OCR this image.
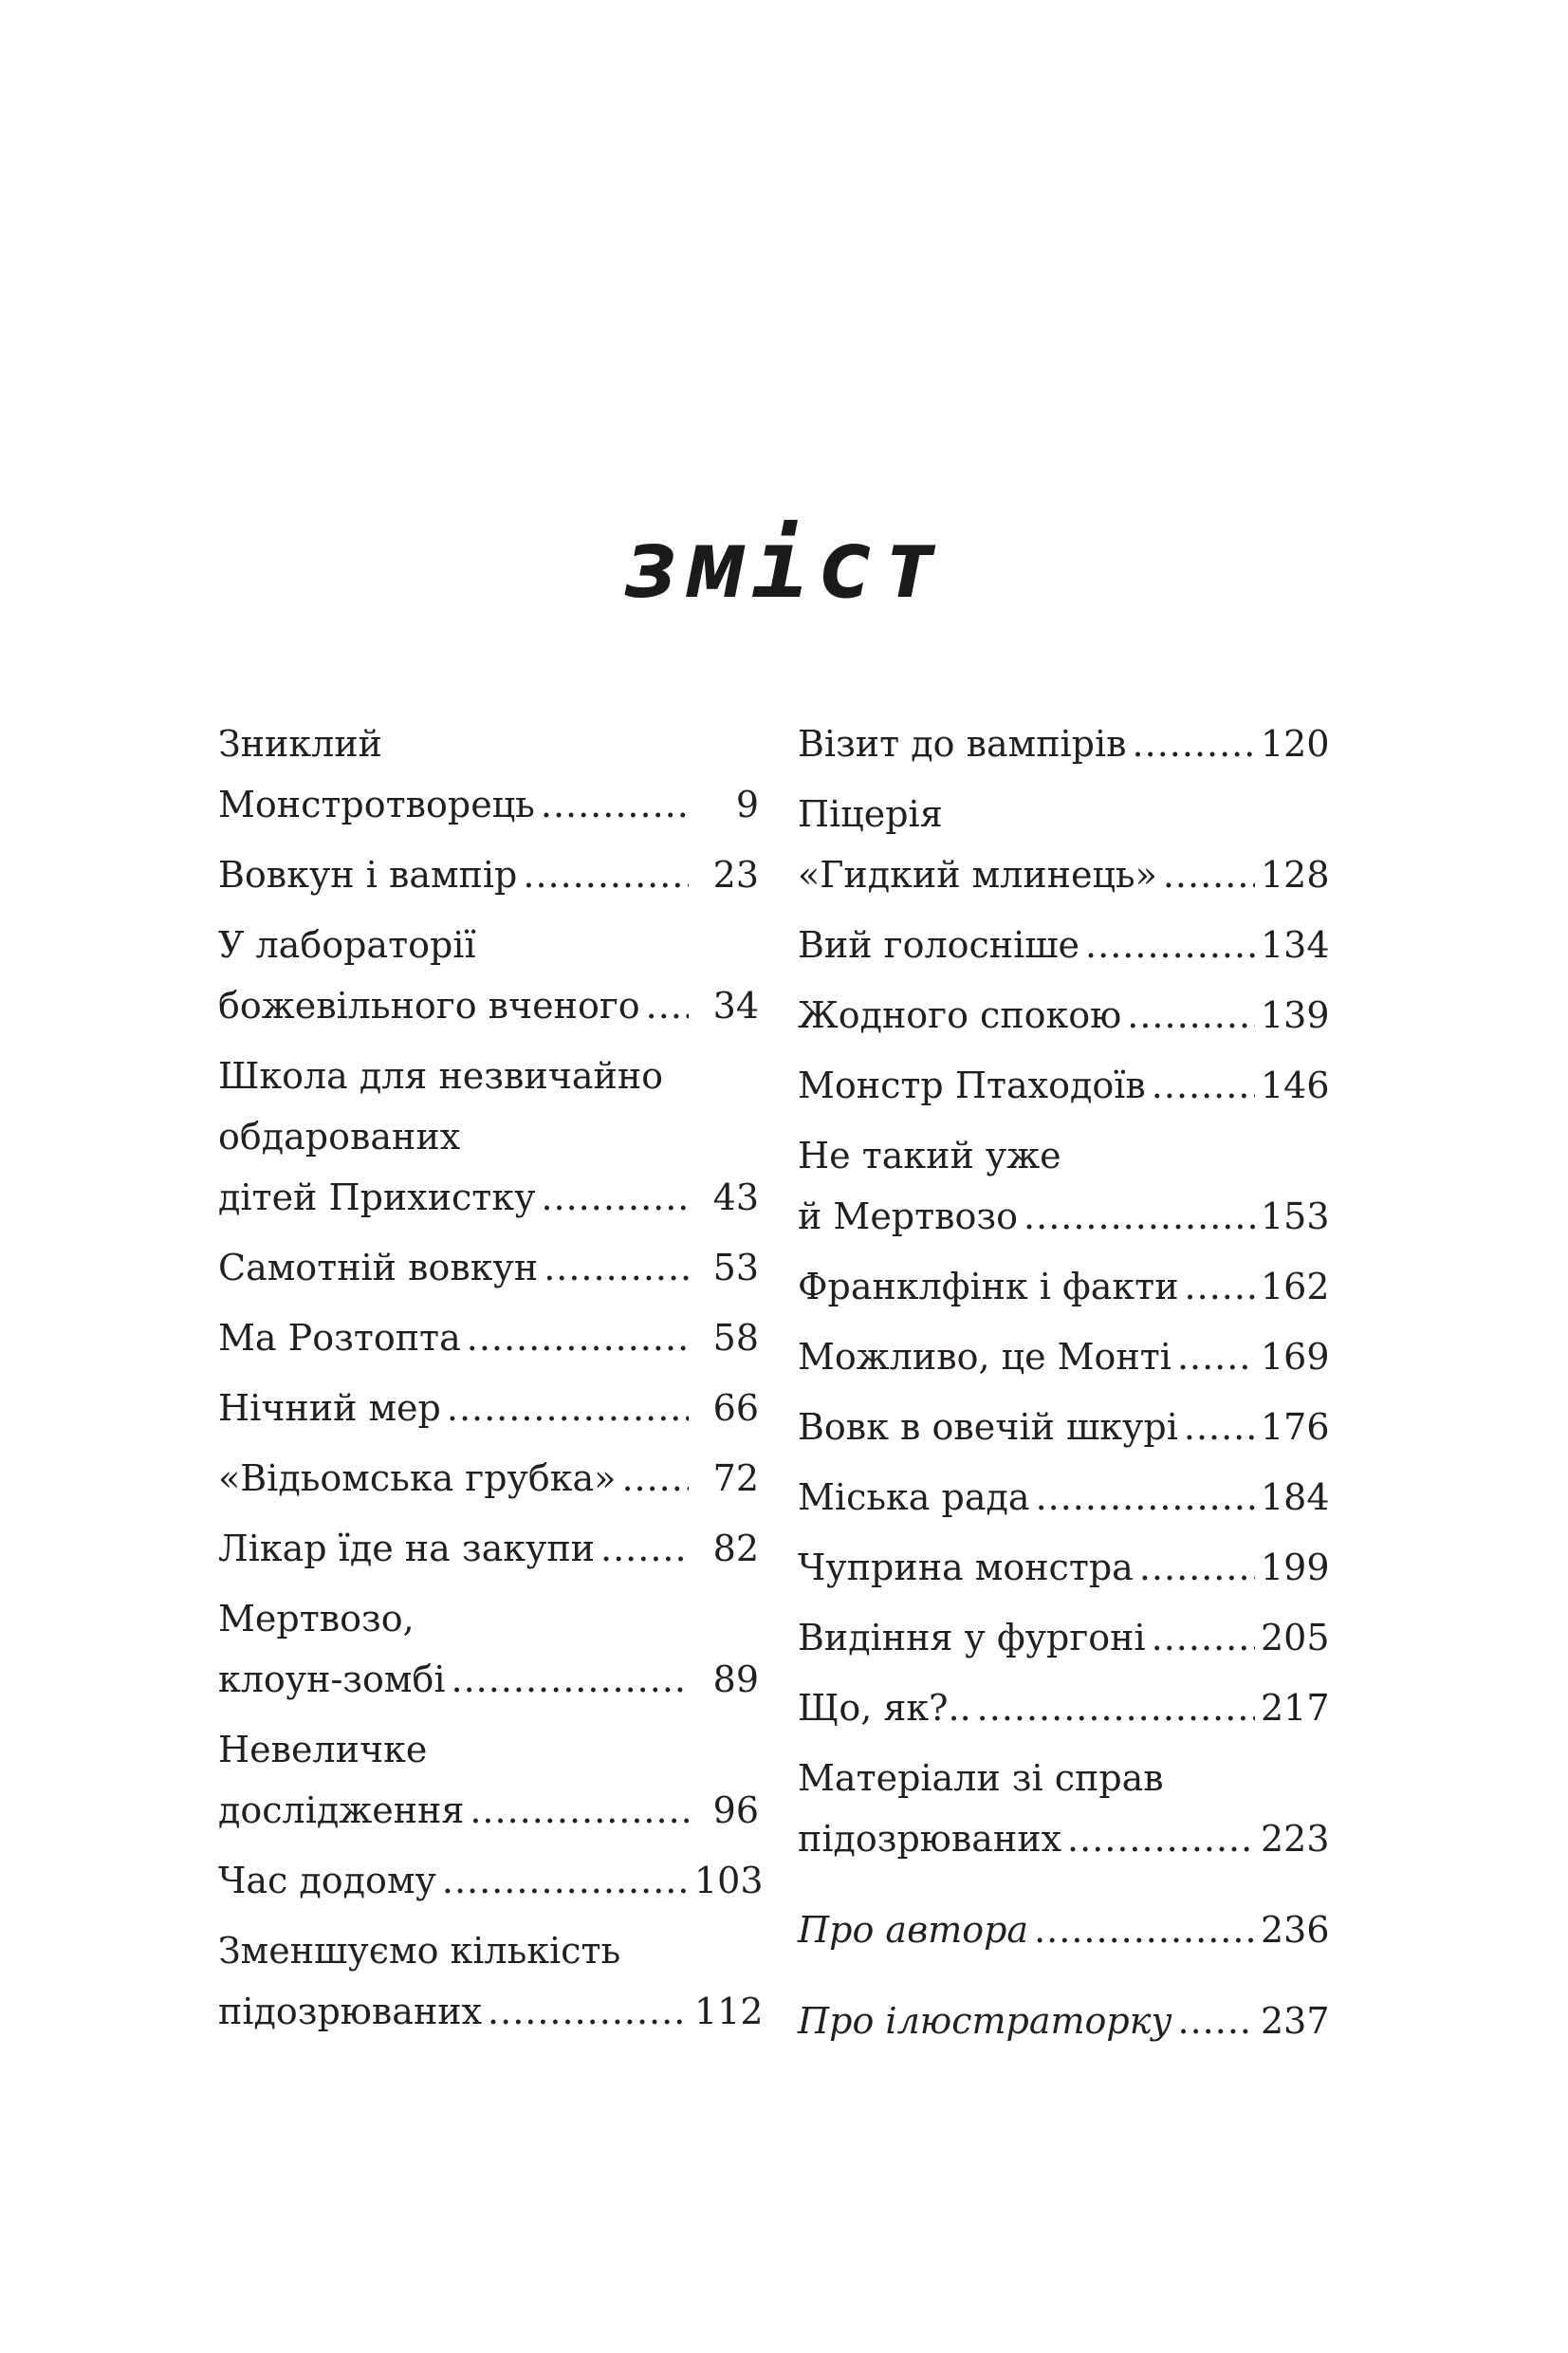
зміст
Зниклий
Монстротворець .....	9
Вовкун і вампір .....	23
У лабораторії
божевільного вченого .....	34
Школа для незвичайно
обдарованих
дітей Прихистку .....	43
Самотній вовкун .....	53
Ма Розтопта .....	58
Нічний мер .....	66
«Відьомська грубка» .....	72
Лікар їде на закупи .....	82
Мертвозо,
клоун-зомбі .....	89
Невеличке
дослідження .....	96
Час додому .....	103
Зменшуємо кількість
підозрюваних .....	112
Візит до вампірів .....	120
Піцерія
«Гидкий млинець» .....	128
Вий голосніше .....	134
Жодного спокою .....	139
Монстр Птаходоїв .....	146
Не такий уже
й Мертвозо .....	153
Франклфінк і факти ..... 162
Можливо, це Монті ..... 169
Вовк в овечій шкурі ..... 176
Міська рада .....	184
Чуприна монстра .....	199
Видіння у фургоні .....	205
Що, як?.. .....	217
Матеріали зі справ
підозрюваних .....	223
Про автора .....	236
Про ілюстраторку ..... 237
